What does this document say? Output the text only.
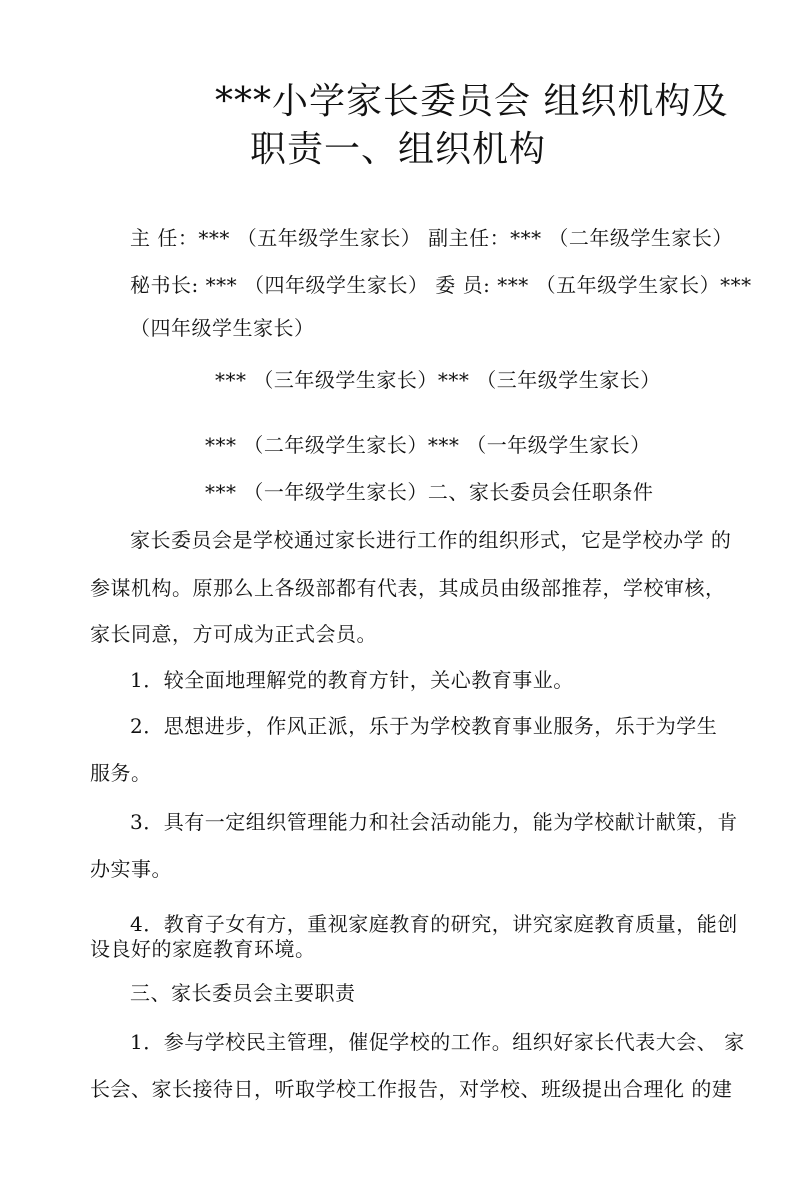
***小学家长委员会 组织机构及
职责一、组织机构
主 任：*** （五年级学生家长） 副主任：*** （二年级学生家长）
秘书长: *** （四年级学生家长） 委 员: *** （五年级学生家长）***
（四年级学生家长）
*** （三年级学生家长）*** （三年级学生家长）
*** （二年级学生家长）*** （一年级学生家长）
*** （一年级学生家长）二、家长委员会任职条件
家长委员会是学校通过家长进行工作的组织形式，它是学校办学 的
参谋机构。原那么上各级部都有代表，其成员由级部推荐，学校审核，
家长同意，方可成为正式会员。
1．较全面地理解党的教育方针，关心教育事业。
2．思想进步，作风正派，乐于为学校教育事业服务，乐于为学生
服务。
3．具有一定组织管理能力和社会活动能力，能为学校献计献策，肯
办实事。
4．教育子女有方，重视家庭教育的研究，讲究家庭教育质量，能创
设良好的家庭教育环境。
三、家长委员会主要职责
1．参与学校民主管理，催促学校的工作。组织好家长代表大会、 家
长会、家长接待日，听取学校工作报告，对学校、班级提出合理化 的建
